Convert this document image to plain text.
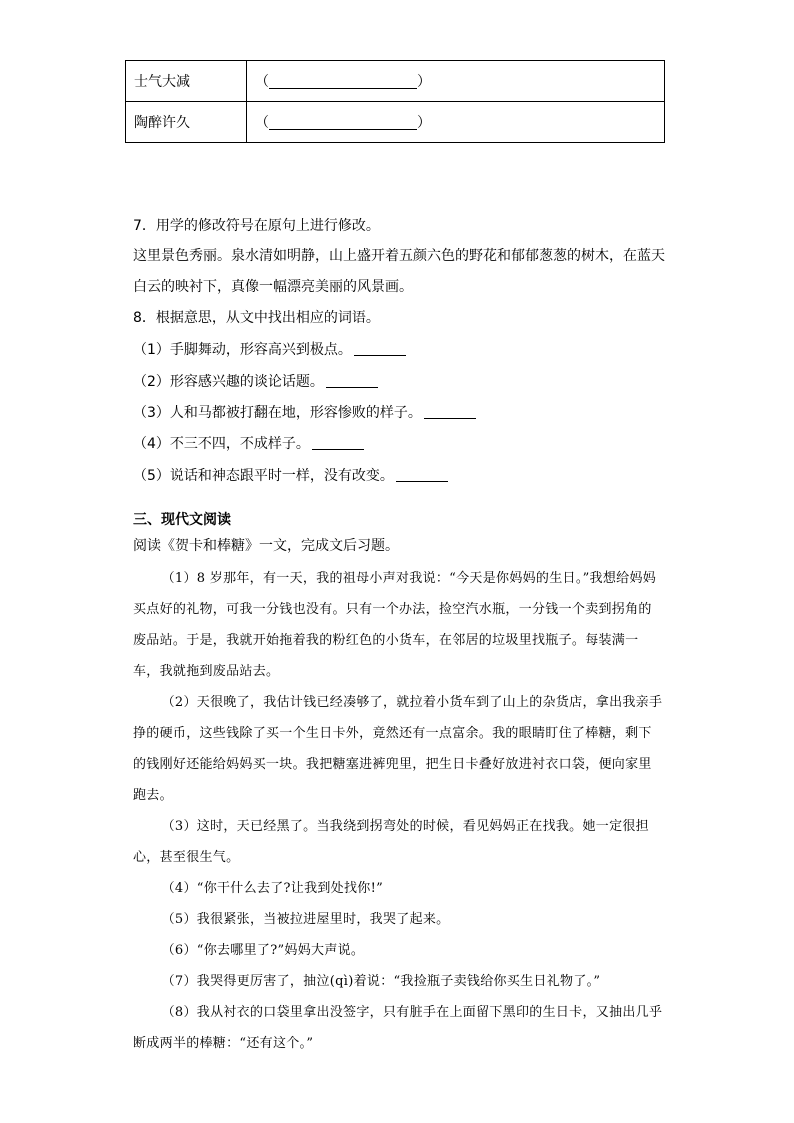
士气大减	（ ）
陶醉许久	（ ）
7．用学的修改符号在原句上进行修改。
这里景色秀丽。泉水清如明静，山上盛开着五颜六色的野花和郁郁葱葱的树木，在蓝天
白云的映衬下，真像一幅漂亮美丽的风景画。
8．根据意思，从文中找出相应的词语。
（1）手脚舞动，形容高兴到极点。
（2）形容感兴趣的谈论话题。
（3）人和马都被打翻在地，形容惨败的样子。
（4）不三不四，不成样子。
（5）说话和神态跟平时一样，没有改变。
三、现代文阅读
阅读《贺卡和棒糖》一文，完成文后习题。

（1）8 岁那年，有一天，我的祖母小声对我说：“今天是你妈妈的生日。”我想给妈妈买点好的礼物，可我一分钱也没有。只有一个办法，捡空汽水瓶，一分钱一个卖到拐角的废品站。于是，我就开始拖着我的粉红色的小货车，在邻居的垃圾里找瓶子。每装满一车，我就拖到废品站去。

（2）天很晚了，我估计钱已经凑够了，就拉着小货车到了山上的杂货店，拿出我亲手挣的硬币，这些钱除了买一个生日卡外，竟然还有一点富余。我的眼睛盯住了棒糖，剩下的钱刚好还能给妈妈买一块。我把糖塞进裤兜里，把生日卡叠好放进衬衣口袋，便向家里跑去。

（3）这时，天已经黑了。当我绕到拐弯处的时候，看见妈妈正在找我。她一定很担心，甚至很生气。

（4）“你干什么去了?让我到处找你!”

（5）我很紧张，当被拉进屋里时，我哭了起来。

（6）“你去哪里了?”妈妈大声说。

（7）我哭得更厉害了，抽泣(qì)着说：“我捡瓶子卖钱给你买生日礼物了。”

（8）我从衬衣的口袋里拿出没签字，只有脏手在上面留下黑印的生日卡，又抽出几乎断成两半的棒糖：“还有这个。”
